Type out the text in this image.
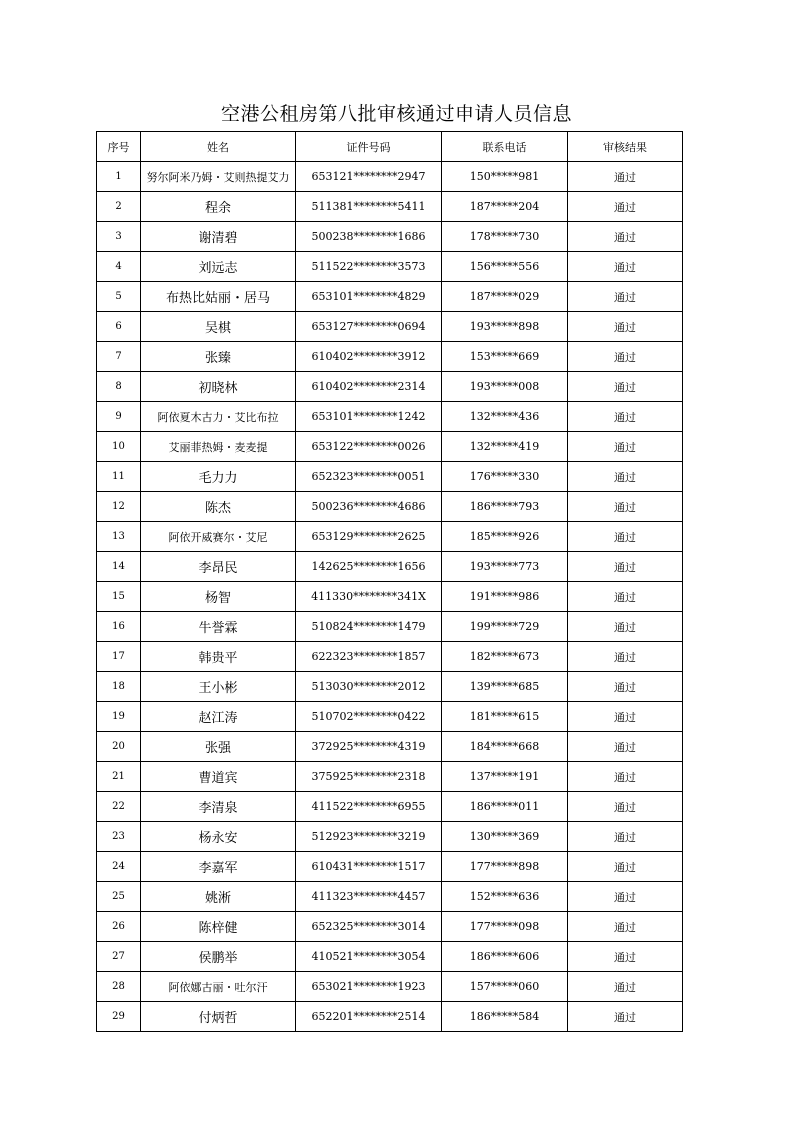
空港公租房第八批审核通过申请人员信息
序号	姓名	证件号码	联系电话	审核结果
1	努尔阿米乃姆・艾则热提艾力	653121********2947	150*****981	通过
2	程余	511381********5411	187*****204	通过
3	谢清碧	500238********1686	178*****730	通过
4	刘远志	511522********3573	156*****556	通过
5	布热比姑丽・居马	653101********4829	187*****029	通过
6	吴棋	653127********0694	193*****898	通过
7	张臻	610402********3912	153*****669	通过
8	初晓林	610402********2314	193*****008	通过
9	阿依夏木古力・艾比布拉	653101********1242	132*****436	通过
10	艾丽菲热姆・麦麦提	653122********0026	132*****419	通过
11	毛力力	652323********0051	176*****330	通过
12	陈杰	500236********4686	186*****793	通过
13	阿依开威赛尔・艾尼	653129********2625	185*****926	通过
14	李昂民	142625********1656	193*****773	通过
15	杨智	411330********341X	191*****986	通过
16	牛誉霖	510824********1479	199*****729	通过
17	韩贵平	622323********1857	182*****673	通过
18	王小彬	513030********2012	139*****685	通过
19	赵江涛	510702********0422	181*****615	通过
20	张强	372925********4319	184*****668	通过
21	曹道宾	375925********2318	137*****191	通过
22	李清泉	411522********6955	186*****011	通过
23	杨永安	512923********3219	130*****369	通过
24	李嘉军	610431********1517	177*****898	通过
25	姚淅	411323********4457	152*****636	通过
26	陈梓健	652325********3014	177*****098	通过
27	侯鹏举	410521********3054	186*****606	通过
28	阿依娜古丽・吐尔汗	653021********1923	157*****060	通过
29	付炳哲	652201********2514	186*****584	通过
